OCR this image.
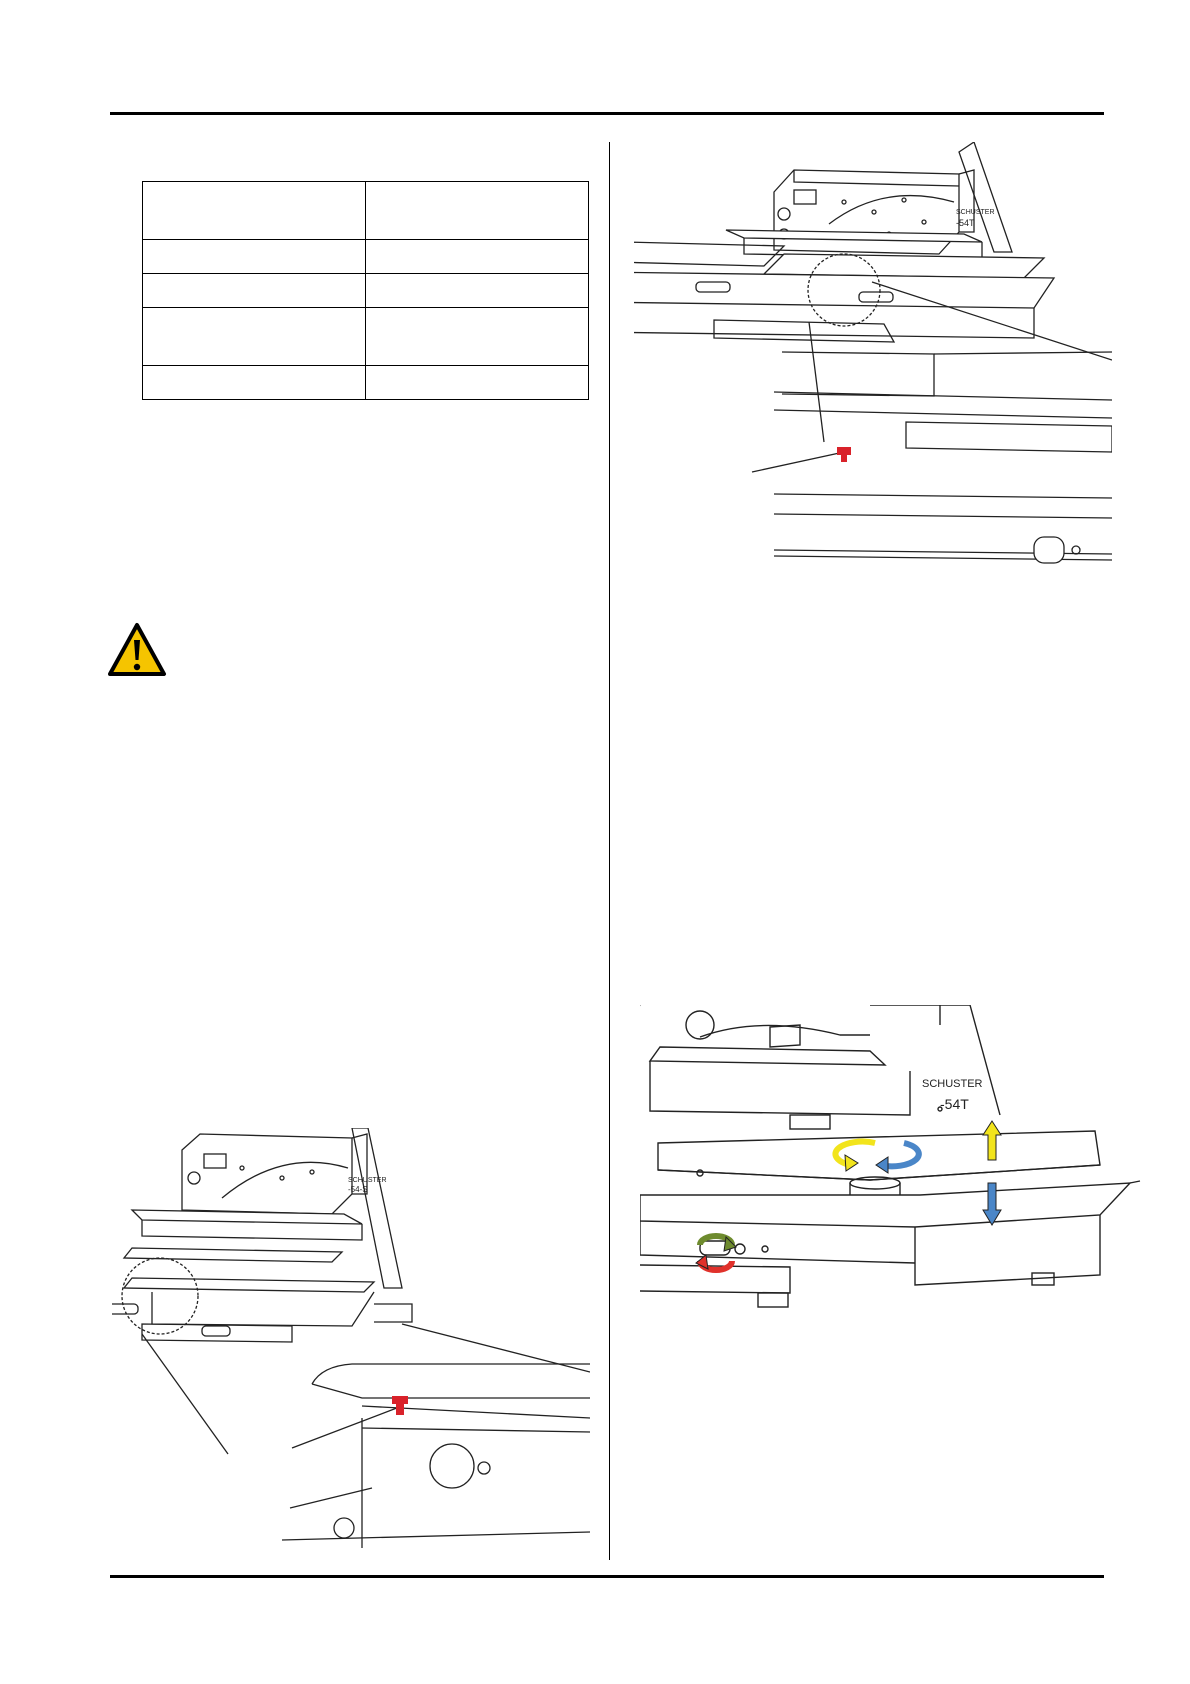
SCHUSTER
-54T
SCHUSTER
-54-S
SCHUSTER
-54T
